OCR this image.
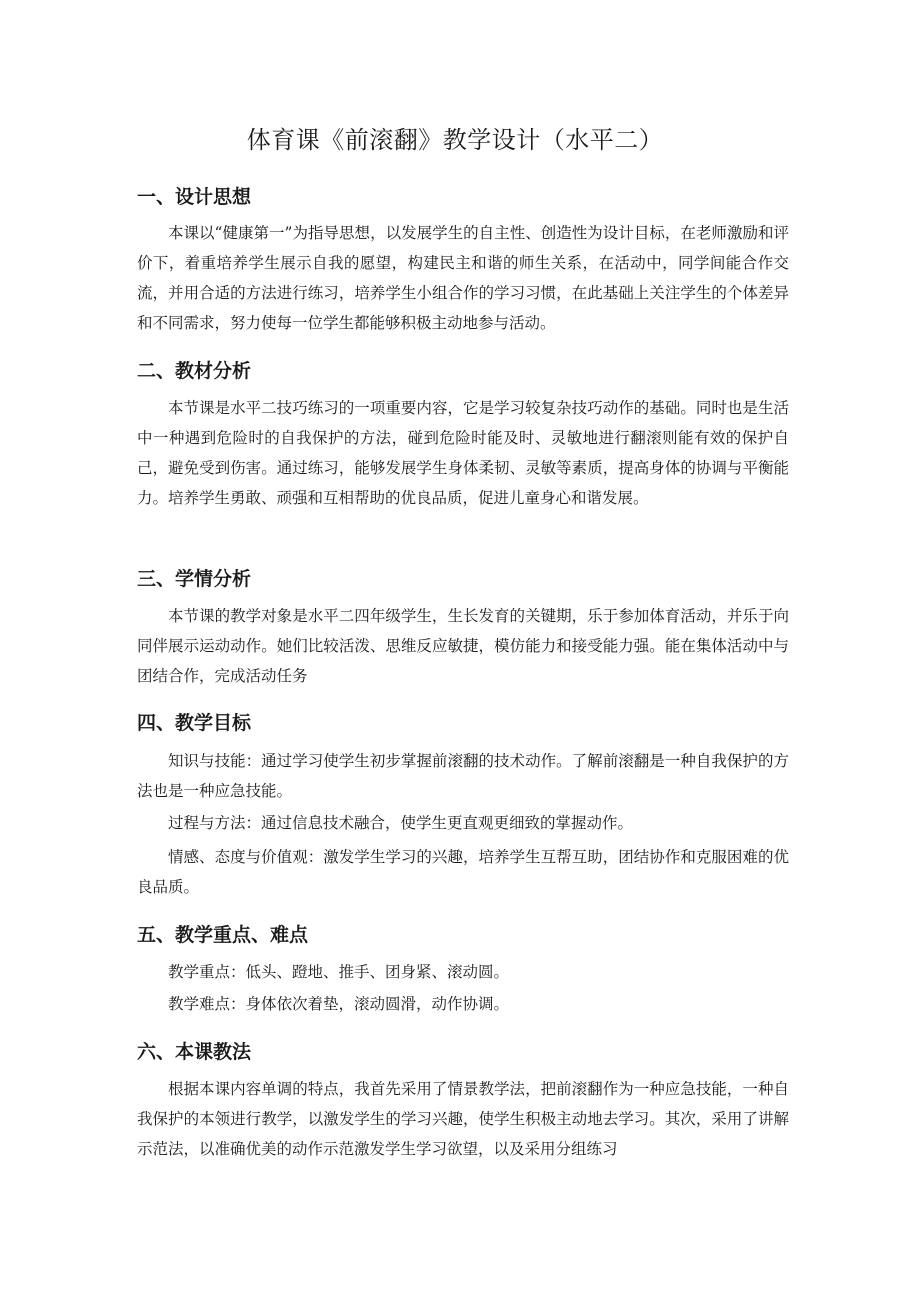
体育课《前滚翻》教学设计（水平二）
一、设计思想

本课以“健康第一”为指导思想，以发展学生的自主性、创造性为设计目标，在老师激励和评价下，着重培养学生展示自我的愿望，构建民主和谐的师生关系，在活动中，同学间能合作交流，并用合适的方法进行练习，培养学生小组合作的学习习惯，在此基础上关注学生的个体差异和不同需求，努力使每一位学生都能够积极主动地参与活动。

二、教材分析

本节课是水平二技巧练习的一项重要内容，它是学习较复杂技巧动作的基础。同时也是生活中一种遇到危险时的自我保护的方法，碰到危险时能及时、灵敏地进行翻滚则能有效的保护自己，避免受到伤害。通过练习，能够发展学生身体柔韧、灵敏等素质，提高身体的协调与平衡能力。培养学生勇敢、顽强和互相帮助的优良品质，促进儿童身心和谐发展。

三、学情分析

本节课的教学对象是水平二四年级学生，生长发育的关键期，乐于参加体育活动，并乐于向同伴展示运动动作。她们比较活泼、思维反应敏捷，模仿能力和接受能力强。能在集体活动中与团结合作，完成活动任务

四、教学目标

知识与技能：通过学习使学生初步掌握前滚翻的技术动作。了解前滚翻是一种自我保护的方法也是一种应急技能。

过程与方法：通过信息技术融合，使学生更直观更细致的掌握动作。

情感、态度与价值观：激发学生学习的兴趣，培养学生互帮互助，团结协作和克服困难的优良品质。

五、教学重点、难点

教学重点：低头、蹬地、推手、团身紧、滚动圆。

教学难点：身体依次着垫，滚动圆滑，动作协调。

六、本课教法

根据本课内容单调的特点，我首先采用了情景教学法，把前滚翻作为一种应急技能，一种自我保护的本领进行教学，以激发学生的学习兴趣，使学生积极主动地去学习。其次，采用了讲解示范法，以准确优美的动作示范激发学生学习欲望，以及采用分组练习
